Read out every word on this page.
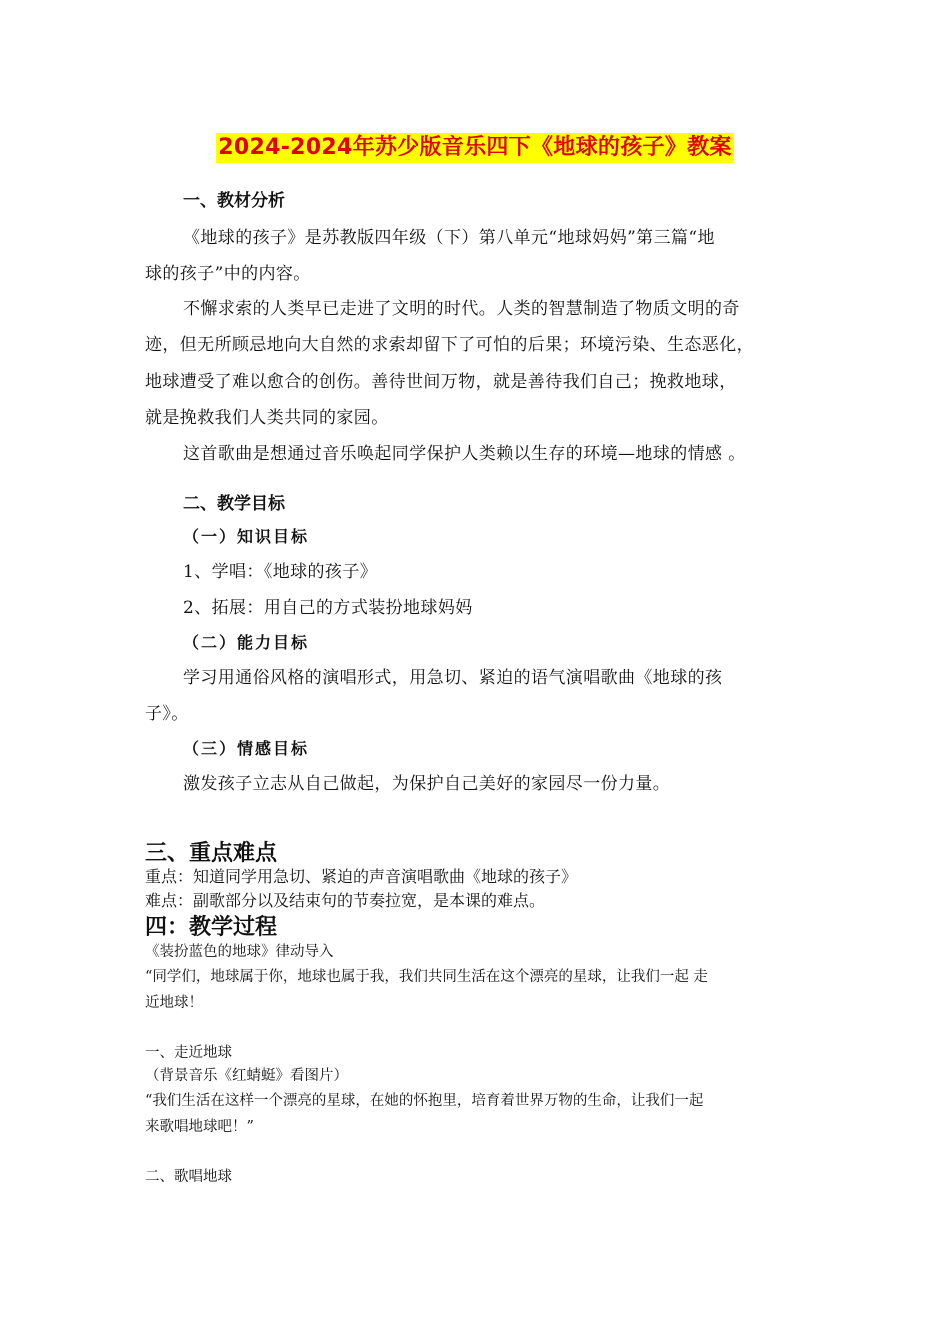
2024-2024年苏少版音乐四下《地球的孩子》教案
一、教材分析
《地球的孩子》是苏教版四年级（下）第八单元“地球妈妈”第三篇“地
球的孩子”中的内容。
不懈求索的人类早已走进了文明的时代。人类的智慧制造了物质文明的奇
迹，但无所顾忌地向大自然的求索却留下了可怕的后果；环境污染、生态恶化，
地球遭受了难以愈合的创伤。善待世间万物，就是善待我们自己；挽救地球，
就是挽救我们人类共同的家园。
这首歌曲是想通过音乐唤起同学保护人类赖以生存的环境—地球的情感 。
二、教学目标
（一）知识目标
1、学唱：《地球的孩子》
2、拓展：用自己的方式装扮地球妈妈
（二）能力目标
学习用通俗风格的演唱形式，用急切、紧迫的语气演唱歌曲《地球的孩
子》。
（三）情感目标
激发孩子立志从自己做起，为保护自己美好的家园尽一份力量。
三、重点难点
重点：知道同学用急切、紧迫的声音演唱歌曲《地球的孩子》
难点：副歌部分以及结束句的节奏拉宽，是本课的难点。
四：教学过程
《装扮蓝色的地球》律动导入
“同学们，地球属于你，地球也属于我，我们共同生活在这个漂亮的星球，让我们一起 走
近地球！
一、走近地球
（背景音乐《红蜻蜓》看图片）
“我们生活在这样一个漂亮的星球，在她的怀抱里，培育着世界万物的生命，让我们一起
来歌唱地球吧！”
二、歌唱地球
